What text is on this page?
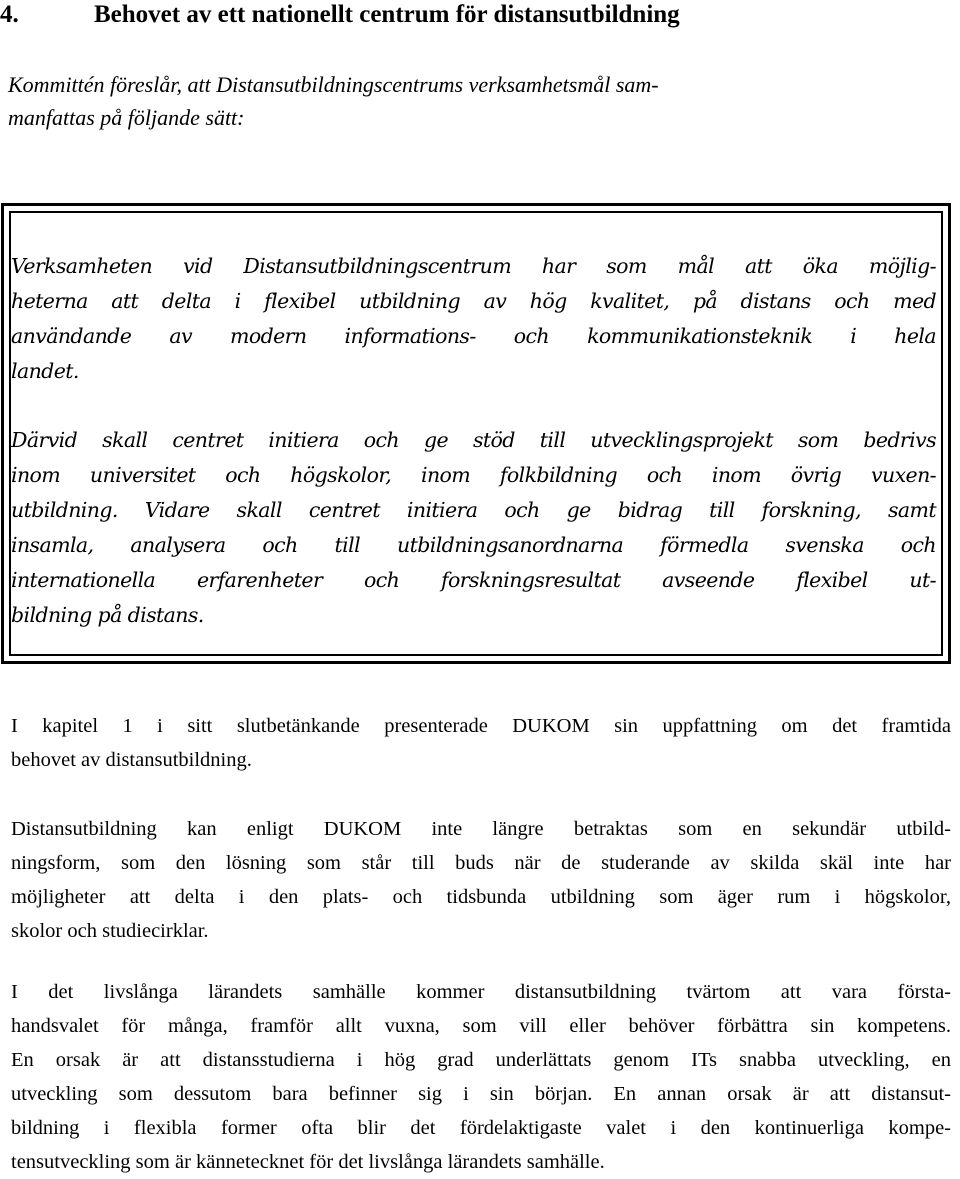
4.	Behovet av ett nationellt centrum för distansutbildning
Kommittén föreslår, att Distansutbildningscentrums verksamhetsmål sam-
manfattas på följande sätt:
Verksamheten vid Distansutbildningscentrum har som mål att öka möjlig-
heterna att delta i flexibel utbildning av hög kvalitet, på distans och med
användande av modern informations- och kommunikationsteknik i hela
landet.
Därvid skall centret initiera och ge stöd till utvecklingsprojekt som bedrivs
inom universitet och högskolor, inom folkbildning och inom övrig vuxen-
utbildning. Vidare skall centret initiera och ge bidrag till forskning, samt
insamla, analysera och till utbildningsanordnarna förmedla svenska och
internationella erfarenheter och forskningsresultat avseende flexibel ut-
bildning på distans.
I kapitel 1 i sitt slutbetänkande presenterade DUKOM sin uppfattning om det framtida
behovet av distansutbildning.
Distansutbildning kan enligt DUKOM inte längre betraktas som en sekundär utbild-
ningsform, som den lösning som står till buds när de studerande av skilda skäl inte har
möjligheter att delta i den plats- och tidsbunda utbildning som äger rum i högskolor,
skolor och studiecirklar.
I det livslånga lärandets samhälle kommer distansutbildning tvärtom att vara första-
handsvalet för många, framför allt vuxna, som vill eller behöver förbättra sin kompetens.
En orsak är att distansstudierna i hög grad underlättats genom ITs snabba utveckling, en
utveckling som dessutom bara befinner sig i sin början. En annan orsak är att distansut-
bildning i flexibla former ofta blir det fördelaktigaste valet i den kontinuerliga kompe-
tensutveckling som är kännetecknet för det livslånga lärandets samhälle.
